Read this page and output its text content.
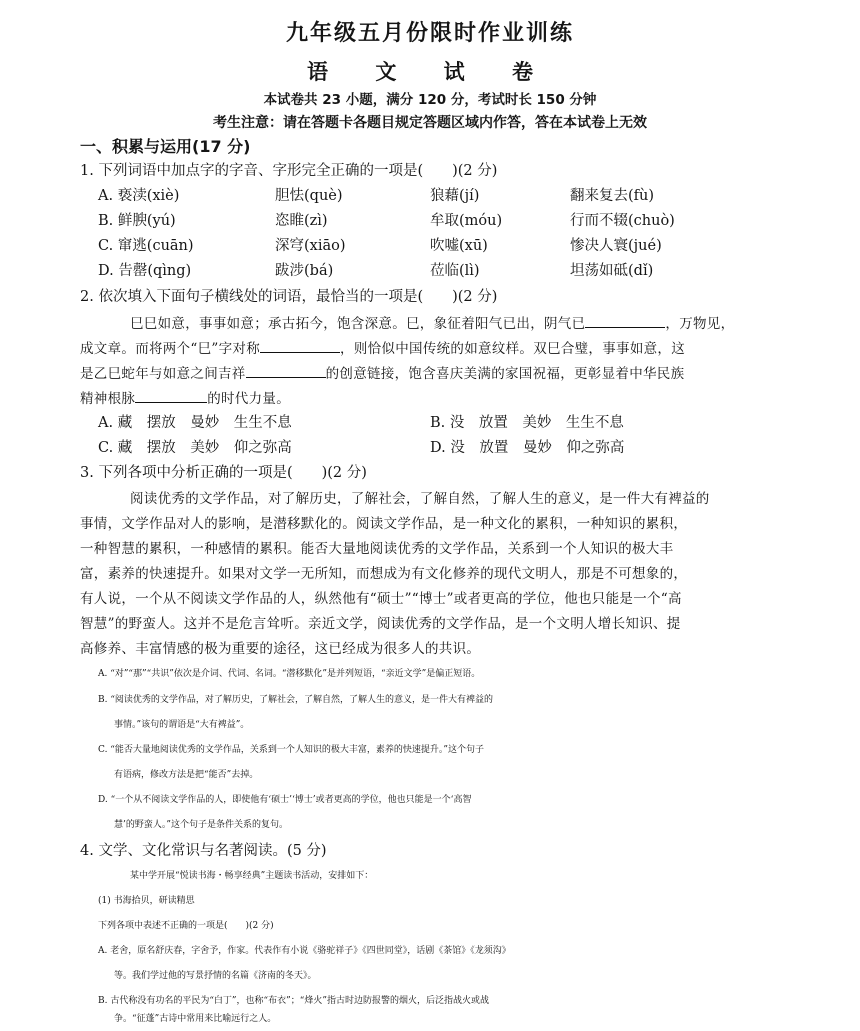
九年级五月份限时作业训练
语 文 试 卷
本试卷共 23 小题，满分 120 分，考试时长 150 分钟
考生注意：请在答题卡各题目规定答题区域内作答，答在本试卷上无效
一、积累与运用(17 分)
1. 下列词语中加点字的字音、字形完全正确的一项是(　　)(2 分)
A. 亵渎(xiè)	胆怯(què)	狼藉(jí)	翻来复去(fù)
B. 鲜腴(yú)	恣睢(zì)	牟取(móu)	行而不辍(chuò)
C. 窜逃(cuān)	深穹(xiāo)	吹嘘(xū)	惨决人寰(jué)
D. 告罄(qìng)	跋涉(bá)	莅临(lì)	坦荡如砥(dǐ)
2. 依次填入下面句子横线处的词语，最恰当的一项是(　　)(2 分)
巳巳如意，事事如意；承古拓今，饱含深意。巳，象征着阳气已出，阴气已	，万物见，
成文章。而将两个“巳”字对称	，则恰似中国传统的如意纹样。双巳合璧，事事如意，这
是乙巳蛇年与如意之间吉祥	的创意链接，饱含喜庆美满的家国祝福，更彰显着中华民族
精神根脉	的时代力量。
A. 藏　摆放　曼妙　生生不息	B. 没　放置　美妙　生生不息
C. 藏　摆放　美妙　仰之弥高	D. 没　放置　曼妙　仰之弥高
3. 下列各项中分析正确的一项是(　　)(2 分)
阅读优秀的文学作品，对了解历史，了解社会，了解自然，了解人生的意义，是一件大有裨益的
事情，文学作品对人的影响，是潜移默化的。阅读文学作品，是一种文化的累积，一种知识的累积，
一种智慧的累积，一种感情的累积。能否大量地阅读优秀的文学作品，关系到一个人知识的极大丰
富，素养的快速提升。如果对文学一无所知，而想成为有文化修养的现代文明人，那是不可想象的，
有人说，一个从不阅读文学作品的人，纵然他有“硕士”“博士”或者更高的学位，他也只能是一个“高
智慧”的野蛮人。这并不是危言耸听。亲近文学，阅读优秀的文学作品，是一个文明人增长知识、提
高修养、丰富情感的极为重要的途径，这已经成为很多人的共识。
A. “对”“那”“共识”依次是介词、代词、名词。“潜移默化”是并列短语，“亲近文学”是偏正短语。
B. “阅读优秀的文学作品，对了解历史，了解社会，了解自然，了解人生的意义，是一件大有裨益的
事情。”该句的谓语是“大有裨益”。
C. “能否大量地阅读优秀的文学作品，关系到一个人知识的极大丰富，素养的快速提升。”这个句子
有语病，修改方法是把“能否”去掉。
D. “一个从不阅读文学作品的人，即使他有‘硕士’‘博士’或者更高的学位，他也只能是一个‘高智
慧’的野蛮人。”这个句子是条件关系的复句。
4. 文学、文化常识与名著阅读。(5 分)
某中学开展“悦读书海・畅享经典”主题读书活动，安排如下：
(1) 书海拾贝，研读精思
下列各项中表述不正确的一项是(　　)(2 分)
A. 老舍，原名舒庆春，字舍予，作家。代表作有小说《骆驼祥子》《四世同堂》，话剧《茶馆》《龙须沟》
等。我们学过他的写景抒情的名篇《济南的冬天》。
B. 古代称没有功名的平民为“白丁”，也称“布衣”；“烽火”指古时边防报警的烟火，后泛指战火或战
争。“征蓬”古诗中常用来比喻远行之人。
